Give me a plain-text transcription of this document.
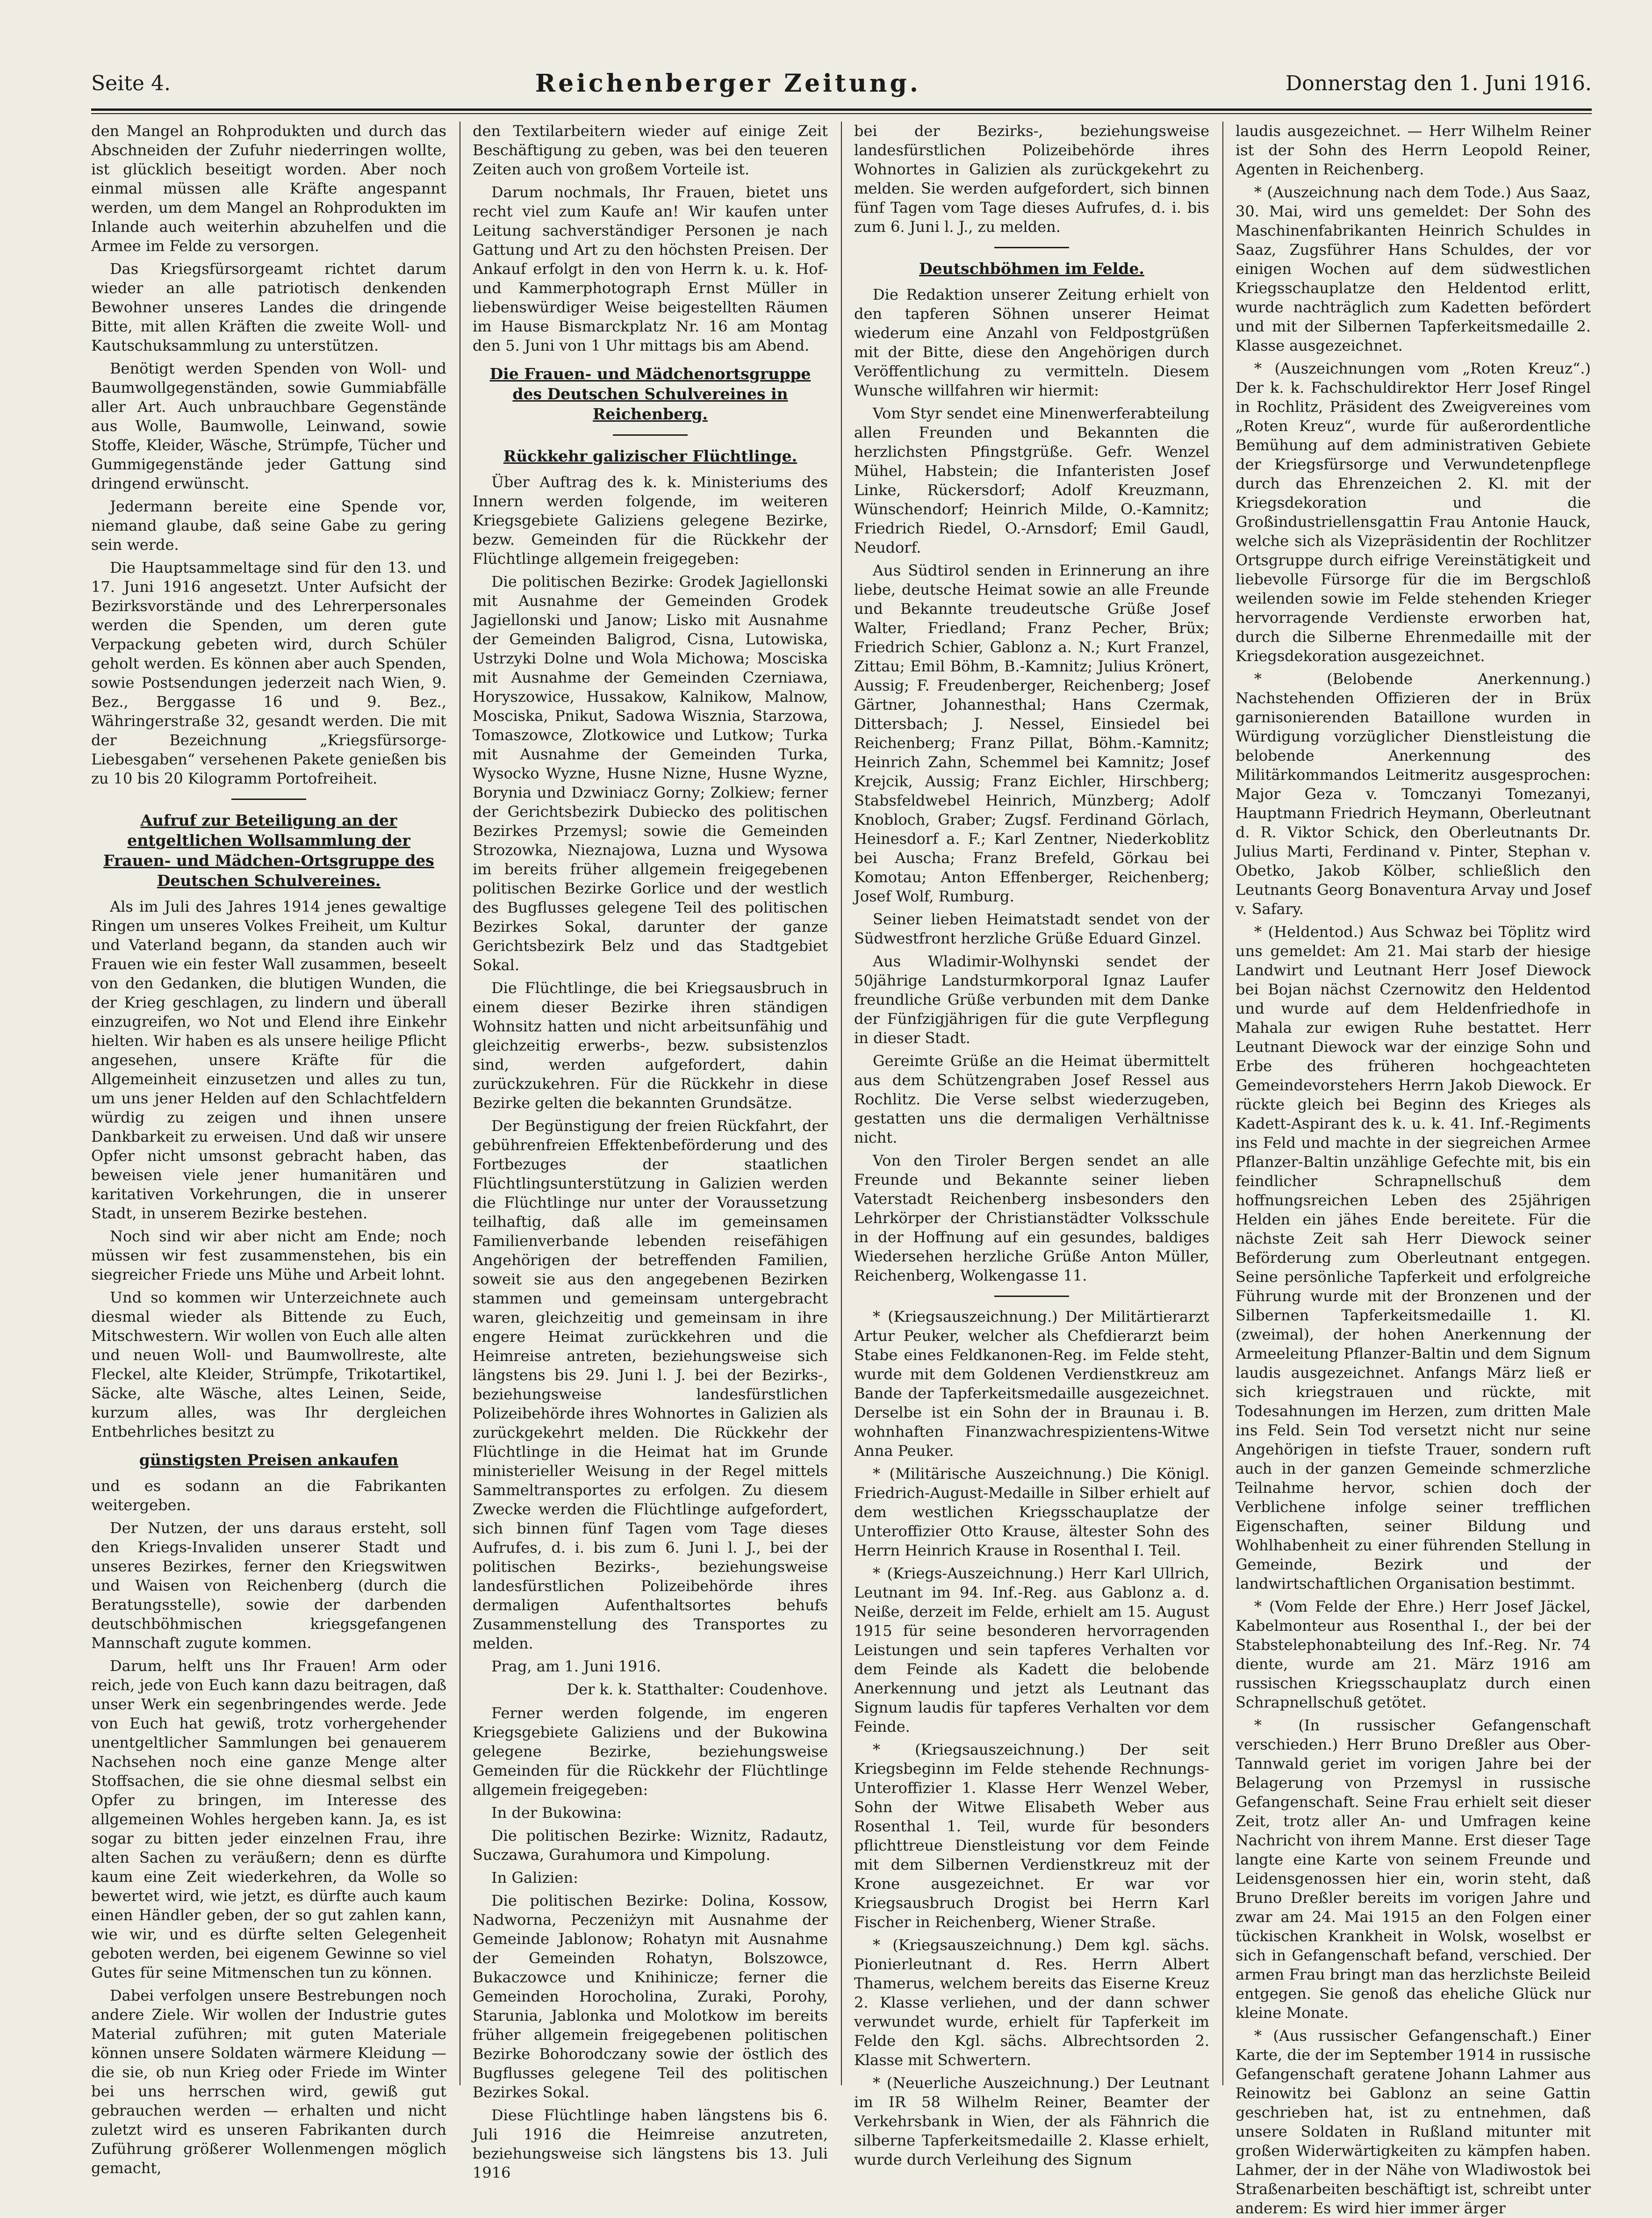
Seite 4.	Reichenberger Zeitung.	Donnerstag den 1. Juni 1916.

den Mangel an Rohprodukten und durch das Abschneiden der Zufuhr niederringen wollte, ist glücklich beseitigt worden. Aber noch einmal müssen alle Kräfte angespannt werden, um dem Mangel an Rohprodukten im Inlande auch weiterhin abzuhelfen und die Armee im Felde zu versorgen.

Das Kriegsfürsorgeamt richtet darum wieder an alle patriotisch denkenden Bewohner unseres Landes die dringende Bitte, mit allen Kräften die zweite Woll- und Kautschuksammlung zu unterstützen.

Benötigt werden Spenden von Woll- und Baumwollgegenständen, sowie Gummiabfälle aller Art. Auch unbrauchbare Gegenstände aus Wolle, Baumwolle, Leinwand, sowie Stoffe, Kleider, Wäsche, Strümpfe, Tücher und Gummigegenstände jeder Gattung sind dringend erwünscht.

Jedermann bereite eine Spende vor, niemand glaube, daß seine Gabe zu gering sein werde.

Die Hauptsammeltage sind für den 13. und 17. Juni 1916 angesetzt. Unter Aufsicht der Bezirksvorstände und des Lehrerpersonales werden die Spenden, um deren gute Verpackung gebeten wird, durch Schüler geholt werden. Es können aber auch Spenden, sowie Postsendungen jederzeit nach Wien, 9. Bez., Berggasse 16 und 9. Bez., Währingerstraße 32, gesandt werden. Die mit der Bezeichnung „Kriegsfürsorge-Liebesgaben“ versehenen Pakete genießen bis zu 10 bis 20 Kilogramm Portofreiheit.

Aufruf zur Beteiligung an der entgeltlichen Wollsammlung der Frauen- und Mädchen-Ortsgruppe des Deutschen Schulvereines.

Als im Juli des Jahres 1914 jenes gewaltige Ringen um unseres Volkes Freiheit, um Kultur und Vaterland begann, da standen auch wir Frauen wie ein fester Wall zusammen, beseelt von den Gedanken, die blutigen Wunden, die der Krieg geschlagen, zu lindern und überall einzugreifen, wo Not und Elend ihre Einkehr hielten. Wir haben es als unsere heilige Pflicht angesehen, unsere Kräfte für die Allgemeinheit einzusetzen und alles zu tun, um uns jener Helden auf den Schlachtfeldern würdig zu zeigen und ihnen unsere Dankbarkeit zu erweisen. Und daß wir unsere Opfer nicht umsonst gebracht haben, das beweisen viele jener humanitären und karitativen Vorkehrungen, die in unserer Stadt, in unserem Bezirke bestehen.

Noch sind wir aber nicht am Ende; noch müssen wir fest zusammenstehen, bis ein siegreicher Friede uns Mühe und Arbeit lohnt.

Und so kommen wir Unterzeichnete auch diesmal wieder als Bittende zu Euch, Mitschwestern. Wir wollen von Euch alle alten und neuen Woll- und Baumwollreste, alte Fleckel, alte Kleider, Strümpfe, Trikotartikel, Säcke, alte Wäsche, altes Leinen, Seide, kurzum alles, was Ihr dergleichen Entbehrliches besitzt zu

günstigsten Preisen ankaufen

und es sodann an die Fabrikanten weitergeben.

Der Nutzen, der uns daraus ersteht, soll den Kriegs-Invaliden unserer Stadt und unseres Bezirkes, ferner den Kriegswitwen und Waisen von Reichenberg (durch die Beratungsstelle), sowie der darbenden deutschböhmischen kriegsgefangenen Mannschaft zugute kommen.

Darum, helft uns Ihr Frauen! Arm oder reich, jede von Euch kann dazu beitragen, daß unser Werk ein segenbringendes werde. Jede von Euch hat gewiß, trotz vorhergehender unentgeltlicher Sammlungen bei genauerem Nachsehen noch eine ganze Menge alter Stoffsachen, die sie ohne diesmal selbst ein Opfer zu bringen, im Interesse des allgemeinen Wohles hergeben kann. Ja, es ist sogar zu bitten jeder einzelnen Frau, ihre alten Sachen zu veräußern; denn es dürfte kaum eine Zeit wiederkehren, da Wolle so bewertet wird, wie jetzt, es dürfte auch kaum einen Händler geben, der so gut zahlen kann, wie wir, und es dürfte selten Gelegenheit geboten werden, bei eigenem Gewinne so viel Gutes für seine Mitmenschen tun zu können.

Dabei verfolgen unsere Bestrebungen noch andere Ziele. Wir wollen der Industrie gutes Material zuführen; mit guten Materiale können unsere Soldaten wärmere Kleidung — die sie, ob nun Krieg oder Friede im Winter bei uns herrschen wird, gewiß gut gebrauchen werden — erhalten und nicht zuletzt wird es unseren Fabrikanten durch Zuführung größerer Wollenmengen möglich gemacht,

den Textilarbeitern wieder auf einige Zeit Beschäftigung zu geben, was bei den teueren Zeiten auch von großem Vorteile ist.

Darum nochmals, Ihr Frauen, bietet uns recht viel zum Kaufe an! Wir kaufen unter Leitung sachverständiger Personen je nach Gattung und Art zu den höchsten Preisen. Der Ankauf erfolgt in den von Herrn k. u. k. Hof- und Kammerphotograph Ernst Müller in liebenswürdiger Weise beigestellten Räumen im Hause Bismarckplatz Nr. 16 am Montag den 5. Juni von 1 Uhr mittags bis am Abend.

Die Frauen- und Mädchenortsgruppe des Deutschen Schulvereines in Reichenberg.
Rückkehr galizischer Flüchtlinge.

Über Auftrag des k. k. Ministeriums des Innern werden folgende, im weiteren Kriegsgebiete Galiziens gelegene Bezirke, bezw. Gemeinden für die Rückkehr der Flüchtlinge allgemein freigegeben:

Die politischen Bezirke: Grodek Jagiellonski mit Ausnahme der Gemeinden Grodek Jagiellonski und Janow; Lisko mit Ausnahme der Gemeinden Baligrod, Cisna, Lutowiska, Ustrzyki Dolne und Wola Michowa; Mosciska mit Ausnahme der Gemeinden Czerniawa, Horyszowice, Hussakow, Kalnikow, Malnow, Mosciska, Pnikut, Sadowa Wisznia, Starzowa, Tomaszowce, Zlotkowice und Lutkow; Turka mit Ausnahme der Gemeinden Turka, Wysocko Wyzne, Husne Nizne, Husne Wyzne, Borynia und Dzwiniacz Gorny; Zolkiew; ferner der Gerichtsbezirk Dubiecko des politischen Bezirkes Przemysl; sowie die Gemeinden Strozowka, Nieznajowa, Luzna und Wysowa im bereits früher allgemein freigegebenen politischen Bezirke Gorlice und der westlich des Bugflusses gelegene Teil des politischen Bezirkes Sokal, darunter der ganze Gerichtsbezirk Belz und das Stadtgebiet Sokal.

Die Flüchtlinge, die bei Kriegsausbruch in einem dieser Bezirke ihren ständigen Wohnsitz hatten und nicht arbeitsunfähig und gleichzeitig erwerbs-, bezw. subsistenzlos sind, werden aufgefordert, dahin zurückzukehren. Für die Rückkehr in diese Bezirke gelten die bekannten Grundsätze.

Der Begünstigung der freien Rückfahrt, der gebührenfreien Effektenbeförderung und des Fortbezuges der staatlichen Flüchtlingsunterstützung in Galizien werden die Flüchtlinge nur unter der Voraussetzung teilhaftig, daß alle im gemeinsamen Familienverbande lebenden reisefähigen Angehörigen der betreffenden Familien, soweit sie aus den angegebenen Bezirken stammen und gemeinsam untergebracht waren, gleichzeitig und gemeinsam in ihre engere Heimat zurückkehren und die Heimreise antreten, beziehungsweise sich längstens bis 29. Juni l. J. bei der Bezirks-, beziehungsweise landesfürstlichen Polizeibehörde ihres Wohnortes in Galizien als zurückgekehrt melden. Die Rückkehr der Flüchtlinge in die Heimat hat im Grunde ministerieller Weisung in der Regel mittels Sammeltransportes zu erfolgen. Zu diesem Zwecke werden die Flüchtlinge aufgefordert, sich binnen fünf Tagen vom Tage dieses Aufrufes, d. i. bis zum 6. Juni l. J., bei der politischen Bezirks-, beziehungsweise landesfürstlichen Polizeibehörde ihres dermaligen Aufenthaltsortes behufs Zusammenstellung des Transportes zu melden.

Prag, am 1. Juni 1916.

Der k. k. Statthalter: Coudenhove.

Ferner werden folgende, im engeren Kriegsgebiete Galiziens und der Bukowina gelegene Bezirke, beziehungsweise Gemeinden für die Rückkehr der Flüchtlinge allgemein freigegeben:

In der Bukowina:

Die politischen Bezirke: Wiznitz, Radautz, Suczawa, Gurahumora und Kimpolung.

In Galizien:

Die politischen Bezirke: Dolina, Kossow, Nadworna, Peczeniżyn mit Ausnahme der Gemeinde Jablonow; Rohatyn mit Ausnahme der Gemeinden Rohatyn, Bolszowce, Bukaczowce und Knihinicze; ferner die Gemeinden Horocholina, Zuraki, Porohy, Starunia, Jablonka und Molotkow im bereits früher allgemein freigegebenen politischen Bezirke Bohorodczany sowie der östlich des Bugflusses gelegene Teil des politischen Bezirkes Sokal.

Diese Flüchtlinge haben längstens bis 6. Juli 1916 die Heimreise anzutreten, beziehungsweise sich längstens bis 13. Juli 1916

bei der Bezirks-, beziehungsweise landesfürstlichen Polizeibehörde ihres Wohnortes in Galizien als zurückgekehrt zu melden. Sie werden aufgefordert, sich binnen fünf Tagen vom Tage dieses Aufrufes, d. i. bis zum 6. Juni l. J., zu melden.

Deutschböhmen im Felde.

Die Redaktion unserer Zeitung erhielt von den tapferen Söhnen unserer Heimat wiederum eine Anzahl von Feldpostgrüßen mit der Bitte, diese den Angehörigen durch Veröffentlichung zu vermitteln. Diesem Wunsche willfahren wir hiermit:

Vom Styr sendet eine Minenwerferabteilung allen Freunden und Bekannten die herzlichsten Pfingstgrüße. Gefr. Wenzel Mühel, Habstein; die Infanteristen Josef Linke, Rückersdorf; Adolf Kreuzmann, Wünschendorf; Heinrich Milde, O.-Kamnitz; Friedrich Riedel, O.-Arnsdorf; Emil Gaudl, Neudorf.

Aus Südtirol senden in Erinnerung an ihre liebe, deutsche Heimat sowie an alle Freunde und Bekannte treudeutsche Grüße Josef Walter, Friedland; Franz Pecher, Brüx; Friedrich Schier, Gablonz a. N.; Kurt Franzel, Zittau; Emil Böhm, B.-Kamnitz; Julius Krönert, Aussig; F. Freudenberger, Reichenberg; Josef Gärtner, Johannesthal; Hans Czermak, Dittersbach; J. Nessel, Einsiedel bei Reichenberg; Franz Pillat, Böhm.-Kamnitz; Heinrich Zahn, Schemmel bei Kamnitz; Josef Krejcik, Aussig; Franz Eichler, Hirschberg; Stabsfeldwebel Heinrich, Münzberg; Adolf Knobloch, Graber; Zugsf. Ferdinand Görlach, Heinesdorf a. F.; Karl Zentner, Niederkoblitz bei Auscha; Franz Brefeld, Görkau bei Komotau; Anton Effenberger, Reichenberg; Josef Wolf, Rumburg.

Seiner lieben Heimatstadt sendet von der Südwestfront herzliche Grüße Eduard Ginzel.

Aus Wladimir-Wolhynski sendet der 50jährige Landsturmkorporal Ignaz Laufer freundliche Grüße verbunden mit dem Danke der Fünfzigjährigen für die gute Verpflegung in dieser Stadt.

Gereimte Grüße an die Heimat übermittelt aus dem Schützengraben Josef Ressel aus Rochlitz. Die Verse selbst wiederzugeben, gestatten uns die dermaligen Verhältnisse nicht.

Von den Tiroler Bergen sendet an alle Freunde und Bekannte seiner lieben Vaterstadt Reichenberg insbesonders den Lehrkörper der Christianstädter Volksschule in der Hoffnung auf ein gesundes, baldiges Wiedersehen herzliche Grüße Anton Müller, Reichenberg, Wolkengasse 11.

* (Kriegsauszeichnung.) Der Militärtierarzt Artur Peuker, welcher als Chefdierarzt beim Stabe eines Feldkanonen-Reg. im Felde steht, wurde mit dem Goldenen Verdienstkreuz am Bande der Tapferkeitsmedaille ausgezeichnet. Derselbe ist ein Sohn der in Braunau i. B. wohnhaften Finanzwachrespizientens-Witwe Anna Peuker.

* (Militärische Auszeichnung.) Die Königl. Friedrich-August-Medaille in Silber erhielt auf dem westlichen Kriegsschauplatze der Unteroffizier Otto Krause, ältester Sohn des Herrn Heinrich Krause in Rosenthal I. Teil.

* (Kriegs-Auszeichnung.) Herr Karl Ullrich, Leutnant im 94. Inf.-Reg. aus Gablonz a. d. Neiße, derzeit im Felde, erhielt am 15. August 1915 für seine besonderen hervorragenden Leistungen und sein tapferes Verhalten vor dem Feinde als Kadett die belobende Anerkennung und jetzt als Leutnant das Signum laudis für tapferes Verhalten vor dem Feinde.

* (Kriegsauszeichnung.) Der seit Kriegsbeginn im Felde stehende Rechnungs-Unteroffizier 1. Klasse Herr Wenzel Weber, Sohn der Witwe Elisabeth Weber aus Rosenthal 1. Teil, wurde für besonders pflichttreue Dienstleistung vor dem Feinde mit dem Silbernen Verdienstkreuz mit der Krone ausgezeichnet. Er war vor Kriegsausbruch Drogist bei Herrn Karl Fischer in Reichenberg, Wiener Straße.

* (Kriegsauszeichnung.) Dem kgl. sächs. Pionierleutnant d. Res. Herrn Albert Thamerus, welchem bereits das Eiserne Kreuz 2. Klasse verliehen, und der dann schwer verwundet wurde, erhielt für Tapferkeit im Felde den Kgl. sächs. Albrechtsorden 2. Klasse mit Schwertern.

* (Neuerliche Auszeichnung.) Der Leutnant im IR 58 Wilhelm Reiner, Beamter der Verkehrsbank in Wien, der als Fähnrich die silberne Tapferkeitsmedaille 2. Klasse erhielt, wurde durch Verleihung des Signum

laudis ausgezeichnet. — Herr Wilhelm Reiner ist der Sohn des Herrn Leopold Reiner, Agenten in Reichenberg.

* (Auszeichnung nach dem Tode.) Aus Saaz, 30. Mai, wird uns gemeldet: Der Sohn des Maschinenfabrikanten Heinrich Schuldes in Saaz, Zugsführer Hans Schuldes, der vor einigen Wochen auf dem südwestlichen Kriegsschauplatze den Heldentod erlitt, wurde nachträglich zum Kadetten befördert und mit der Silbernen Tapferkeitsmedaille 2. Klasse ausgezeichnet.

* (Auszeichnungen vom „Roten Kreuz“.) Der k. k. Fachschuldirektor Herr Josef Ringel in Rochlitz, Präsident des Zweigvereines vom „Roten Kreuz“, wurde für außerordentliche Bemühung auf dem administrativen Gebiete der Kriegsfürsorge und Verwundetenpflege durch das Ehrenzeichen 2. Kl. mit der Kriegsdekoration und die Großindustriellensgattin Frau Antonie Hauck, welche sich als Vizepräsidentin der Rochlitzer Ortsgruppe durch eifrige Vereinstätigkeit und liebevolle Fürsorge für die im Bergschloß weilenden sowie im Felde stehenden Krieger hervorragende Verdienste erworben hat, durch die Silberne Ehrenmedaille mit der Kriegsdekoration ausgezeichnet.

* (Belobende Anerkennung.) Nachstehenden Offizieren der in Brüx garnisonierenden Bataillone wurden in Würdigung vorzüglicher Dienstleistung die belobende Anerkennung des Militärkommandos Leitmeritz ausgesprochen: Major Geza v. Tomczanyi Tomezanyi, Hauptmann Friedrich Heymann, Oberleutnant d. R. Viktor Schick, den Oberleutnants Dr. Julius Marti, Ferdinand v. Pinter, Stephan v. Obetko, Jakob Kölber, schließlich den Leutnants Georg Bonaventura Arvay und Josef v. Safary.

* (Heldentod.) Aus Schwaz bei Töplitz wird uns gemeldet: Am 21. Mai starb der hiesige Landwirt und Leutnant Herr Josef Diewock bei Bojan nächst Czernowitz den Heldentod und wurde auf dem Heldenfriedhofe in Mahala zur ewigen Ruhe bestattet. Herr Leutnant Diewock war der einzige Sohn und Erbe des früheren hochgeachteten Gemeindevorstehers Herrn Jakob Diewock. Er rückte gleich bei Beginn des Krieges als Kadett-Aspirant des k. u. k. 41. Inf.-Regiments ins Feld und machte in der siegreichen Armee Pflanzer-Baltin unzählige Gefechte mit, bis ein feindlicher Schrapnellschuß dem hoffnungsreichen Leben des 25jährigen Helden ein jähes Ende bereitete. Für die nächste Zeit sah Herr Diewock seiner Beförderung zum Oberleutnant entgegen. Seine persönliche Tapferkeit und erfolgreiche Führung wurde mit der Bronzenen und der Silbernen Tapferkeitsmedaille 1. Kl. (zweimal), der hohen Anerkennung der Armeeleitung Pflanzer-Baltin und dem Signum laudis ausgezeichnet. Anfangs März ließ er sich kriegstrauen und rückte, mit Todesahnungen im Herzen, zum dritten Male ins Feld. Sein Tod versetzt nicht nur seine Angehörigen in tiefste Trauer, sondern ruft auch in der ganzen Gemeinde schmerzliche Teilnahme hervor, schien doch der Verblichene infolge seiner trefflichen Eigenschaften, seiner Bildung und Wohlhabenheit zu einer führenden Stellung in Gemeinde, Bezirk und der landwirtschaftlichen Organisation bestimmt.

* (Vom Felde der Ehre.) Herr Josef Jäckel, Kabelmonteur aus Rosenthal I., der bei der Stabstelephonabteilung des Inf.-Reg. Nr. 74 diente, wurde am 21. März 1916 am russischen Kriegsschauplatz durch einen Schrapnellschuß getötet.

* (In russischer Gefangenschaft verschieden.) Herr Bruno Dreßler aus Ober-Tannwald geriet im vorigen Jahre bei der Belagerung von Przemysl in russische Gefangenschaft. Seine Frau erhielt seit dieser Zeit, trotz aller An- und Umfragen keine Nachricht von ihrem Manne. Erst dieser Tage langte eine Karte von seinem Freunde und Leidensgenossen hier ein, worin steht, daß Bruno Dreßler bereits im vorigen Jahre und zwar am 24. Mai 1915 an den Folgen einer tückischen Krankheit in Wolsk, woselbst er sich in Gefangenschaft befand, verschied. Der armen Frau bringt man das herzlichste Beileid entgegen. Sie genoß das eheliche Glück nur kleine Monate.

* (Aus russischer Gefangenschaft.) Einer Karte, die der im September 1914 in russische Gefangenschaft geratene Johann Lahmer aus Reinowitz bei Gablonz an seine Gattin geschrieben hat, ist zu entnehmen, daß unsere Soldaten in Rußland mitunter mit großen Widerwärtigkeiten zu kämpfen haben. Lahmer, der in der Nähe von Wladiwostok bei Straßenarbeiten beschäftigt ist, schreibt unter anderem: Es wird hier immer ärger
